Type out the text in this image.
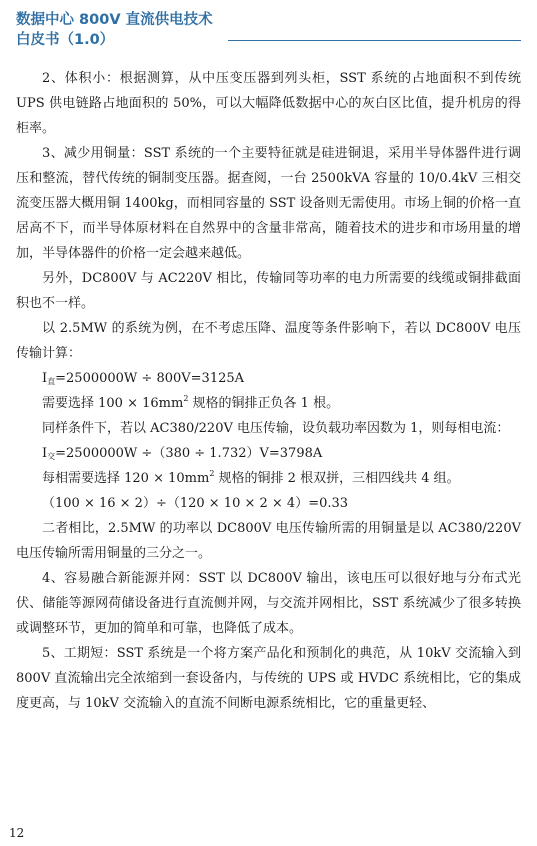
数据中心 800V 直流供电技术
白皮书（1.0）

2、体积小：根据测算，从中压变压器到列头柜，SST 系统的占地面积不到传统 UPS 供电链路占地面积的 50%，可以大幅降低数据中心的灰白区比值，提升机房的得柜率。

3、减少用铜量：SST 系统的一个主要特征就是硅进铜退，采用半导体器件进行调压和整流，替代传统的铜制变压器。据查阅，一台 2500kVA 容量的 10/0.4kV 三相交流变压器大概用铜 1400kg，而相同容量的 SST 设备则无需使用。市场上铜的价格一直居高不下，而半导体原材料在自然界中的含量非常高，随着技术的进步和市场用量的增加，半导体器件的价格一定会越来越低。

另外，DC800V 与 AC220V 相比，传输同等功率的电力所需要的线缆或铜排截面积也不一样。

以 2.5MW 的系统为例，在不考虑压降、温度等条件影响下，若以 DC800V 电压传输计算：

$I_直=2500000W \div 800V=3125A$

需要选择 $100 \times 16mm^2$ 规格的铜排正负各 1 根。

同样条件下，若以 AC380/220V 电压传输，设负载功率因数为 1，则每相电流：

$I_交=2500000W \div(380 \div 1.732)V=3798A$

每相需要选择 $120 \times 10mm^2$ 规格的铜排 2 根双拼，三相四线共 4 组。

（100 × 16 × 2）÷（120 × 10 × 2 × 4）=0.33

二者相比，2.5MW 的功率以 DC800V 电压传输所需的用铜量是以 AC380/220V 电压传输所需用铜量的三分之一。

4、容易融合新能源并网：SST 以 DC800V 输出，该电压可以很好地与分布式光伏、储能等源网荷储设备进行直流侧并网，与交流并网相比，SST 系统减少了很多转换或调整环节，更加的简单和可靠，也降低了成本。

5、工期短：SST 系统是一个将方案产品化和预制化的典范，从 10kV 交流输入到 800V 直流输出完全浓缩到一套设备内，与传统的 UPS 或 HVDC 系统相比，它的集成度更高，与 10kV 交流输入的直流不间断电源系统相比，它的重量更轻、

12
